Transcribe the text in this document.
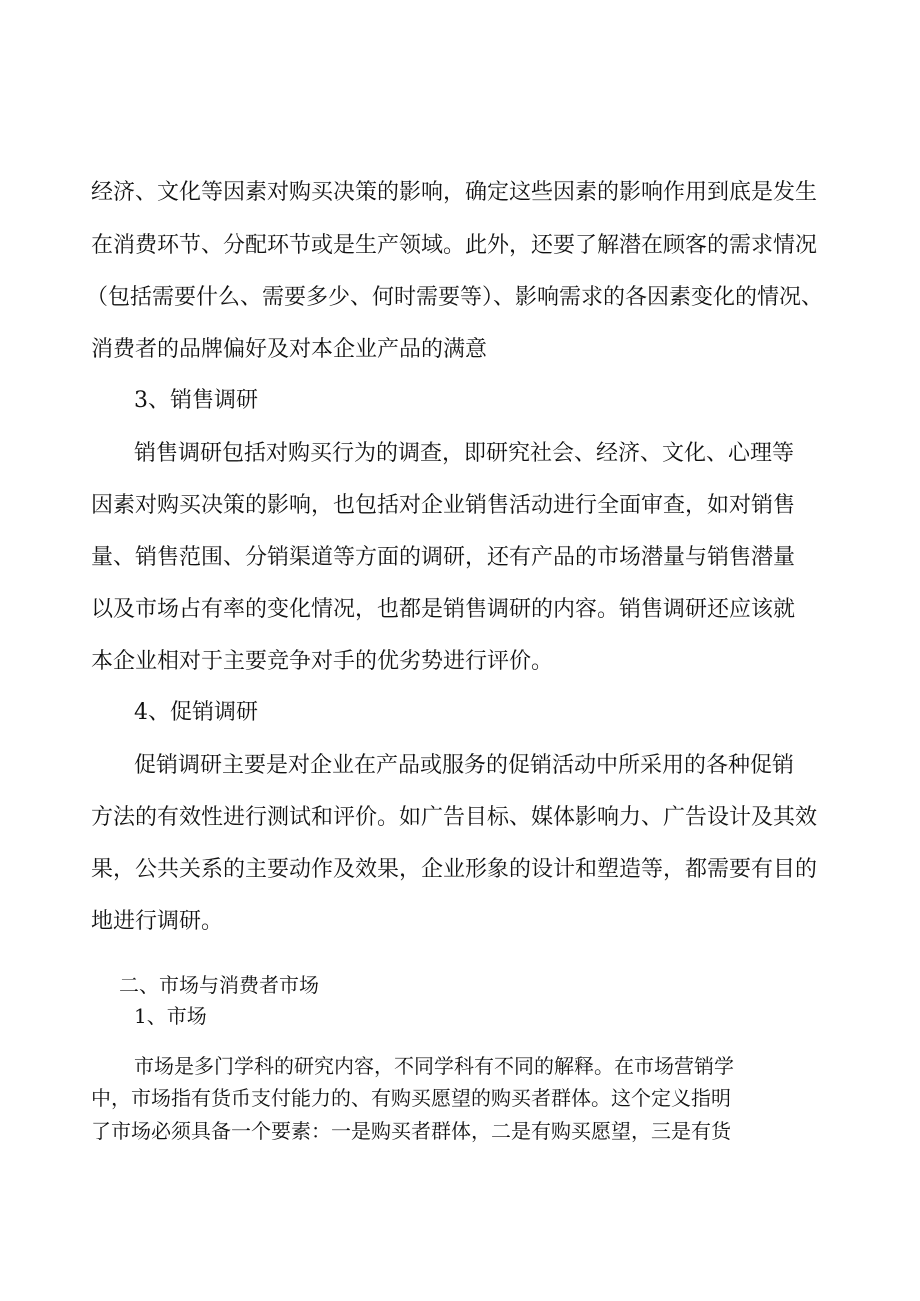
经济、文化等因素对购买决策的影响，确定这些因素的影响作用到底是发生

在消费环节、分配环节或是生产领域。此外，还要了解潜在顾客的需求情况

（包括需要什么、需要多少、何时需要等）、影响需求的各因素变化的情况、

消费者的品牌偏好及对本企业产品的满意

3、销售调研

销售调研包括对购买行为的调查，即研究社会、经济、文化、心理等

因素对购买决策的影响，也包括对企业销售活动进行全面审查，如对销售

量、销售范围、分销渠道等方面的调研，还有产品的市场潜量与销售潜量

以及市场占有率的变化情况，也都是销售调研的内容。销售调研还应该就

本企业相对于主要竞争对手的优劣势进行评价。

4、促销调研

促销调研主要是对企业在产品或服务的促销活动中所采用的各种促销

方法的有效性进行测试和评价。如广告目标、媒体影响力、广告设计及其效

果，公共关系的主要动作及效果，企业形象的设计和塑造等，都需要有目的

地进行调研。

二、市场与消费者市场

1、市场

市场是多门学科的研究内容，不同学科有不同的解释。在市场营销学

中，市场指有货币支付能力的、有购买愿望的购买者群体。这个定义指明

了市场必须具备一个要素：一是购买者群体，二是有购买愿望，三是有货
